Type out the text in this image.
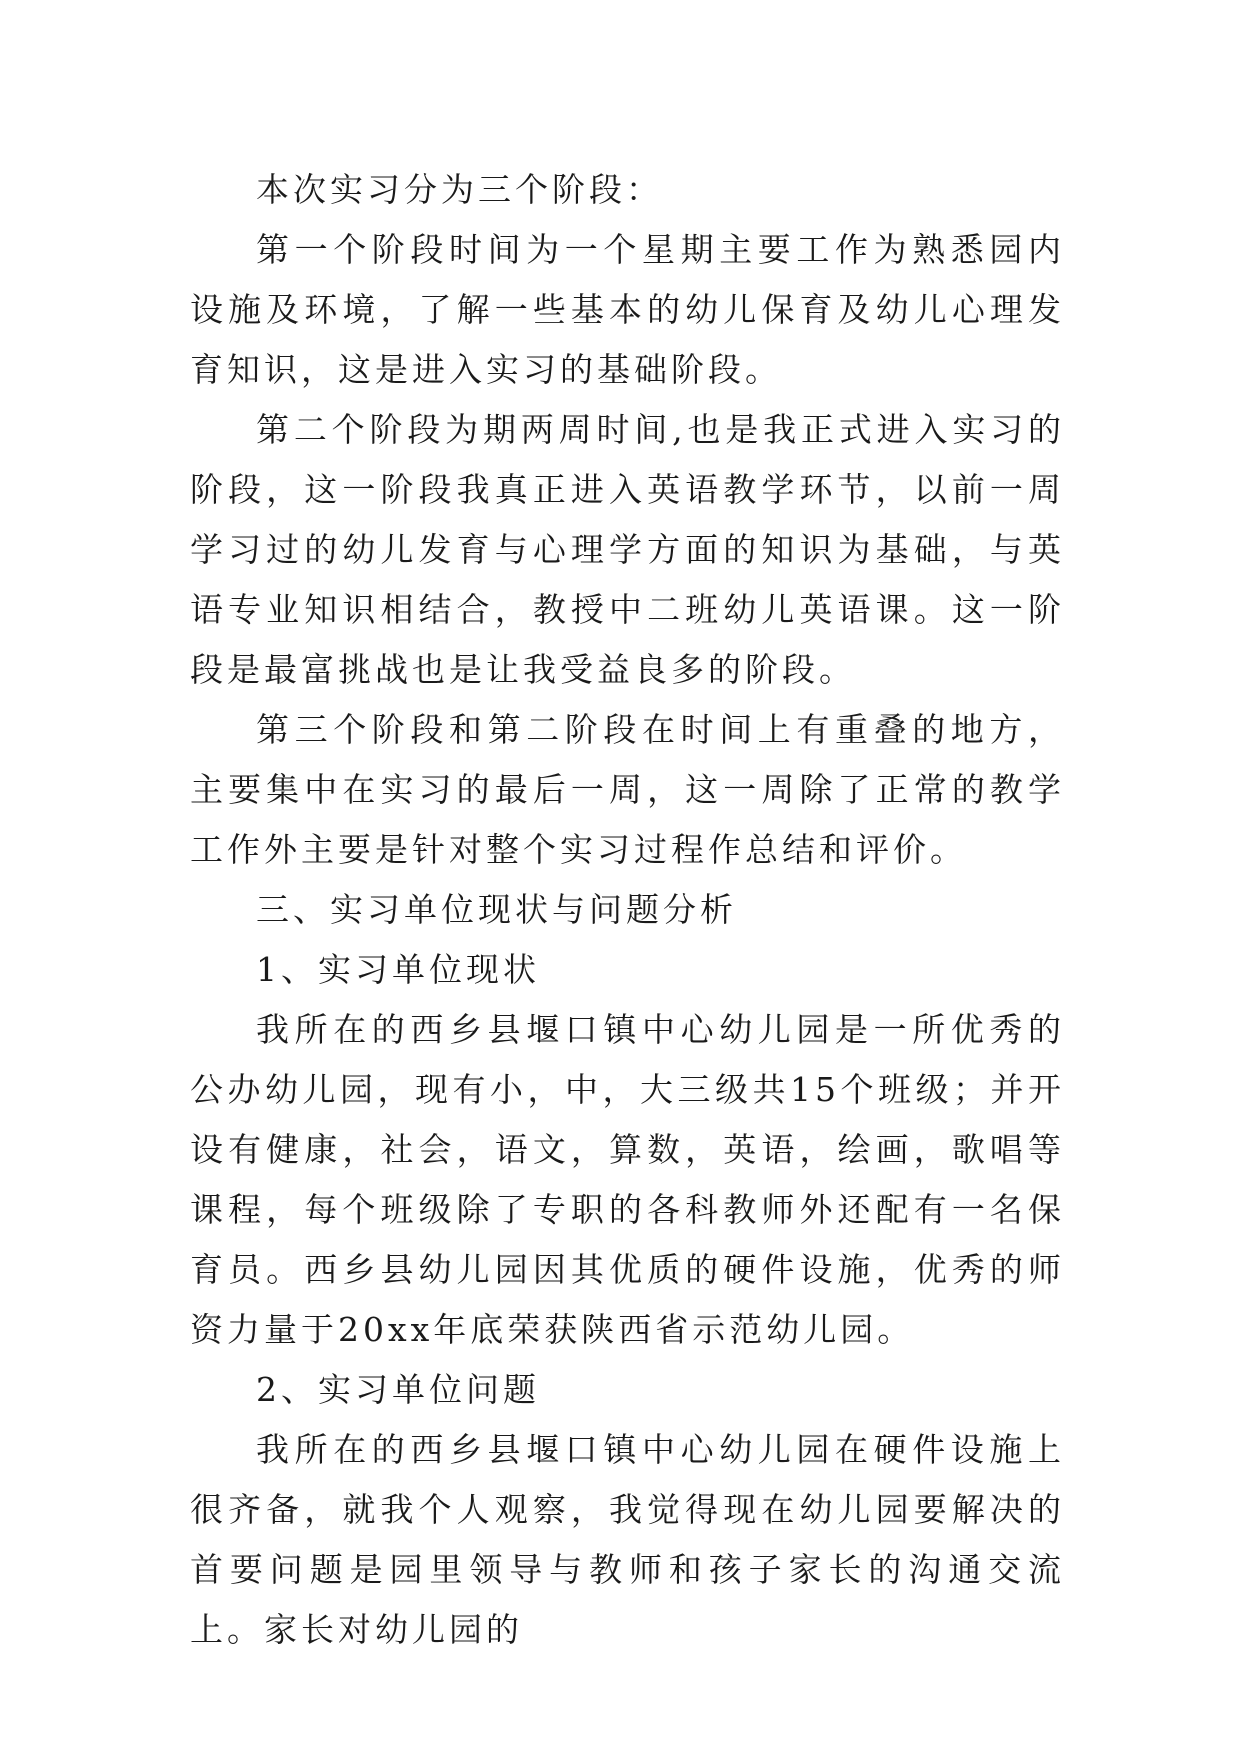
本次实习分为三个阶段：

第一个阶段时间为一个星期主要工作为熟悉园内设施及环境，了解一些基本的幼儿保育及幼儿心理发育知识，这是进入实习的基础阶段。

第二个阶段为期两周时间,也是我正式进入实习的阶段，这一阶段我真正进入英语教学环节，以前一周学习过的幼儿发育与心理学方面的知识为基础，与英语专业知识相结合，教授中二班幼儿英语课。这一阶段是最富挑战也是让我受益良多的阶段。

第三个阶段和第二阶段在时间上有重叠的地方，主要集中在实习的最后一周，这一周除了正常的教学工作外主要是针对整个实习过程作总结和评价。

三、实习单位现状与问题分析

1、实习单位现状

我所在的西乡县堰口镇中心幼儿园是一所优秀的公办幼儿园，现有小，中，大三级共15个班级；并开设有健康，社会，语文，算数，英语，绘画，歌唱等课程，每个班级除了专职的各科教师外还配有一名保育员。西乡县幼儿园因其优质的硬件设施，优秀的师资力量于20xx年底荣获陕西省示范幼儿园。

2、实习单位问题

我所在的西乡县堰口镇中心幼儿园在硬件设施上很齐备，就我个人观察，我觉得现在幼儿园要解决的首要问题是园里领导与教师和孩子家长的沟通交流上。家长对幼儿园的
